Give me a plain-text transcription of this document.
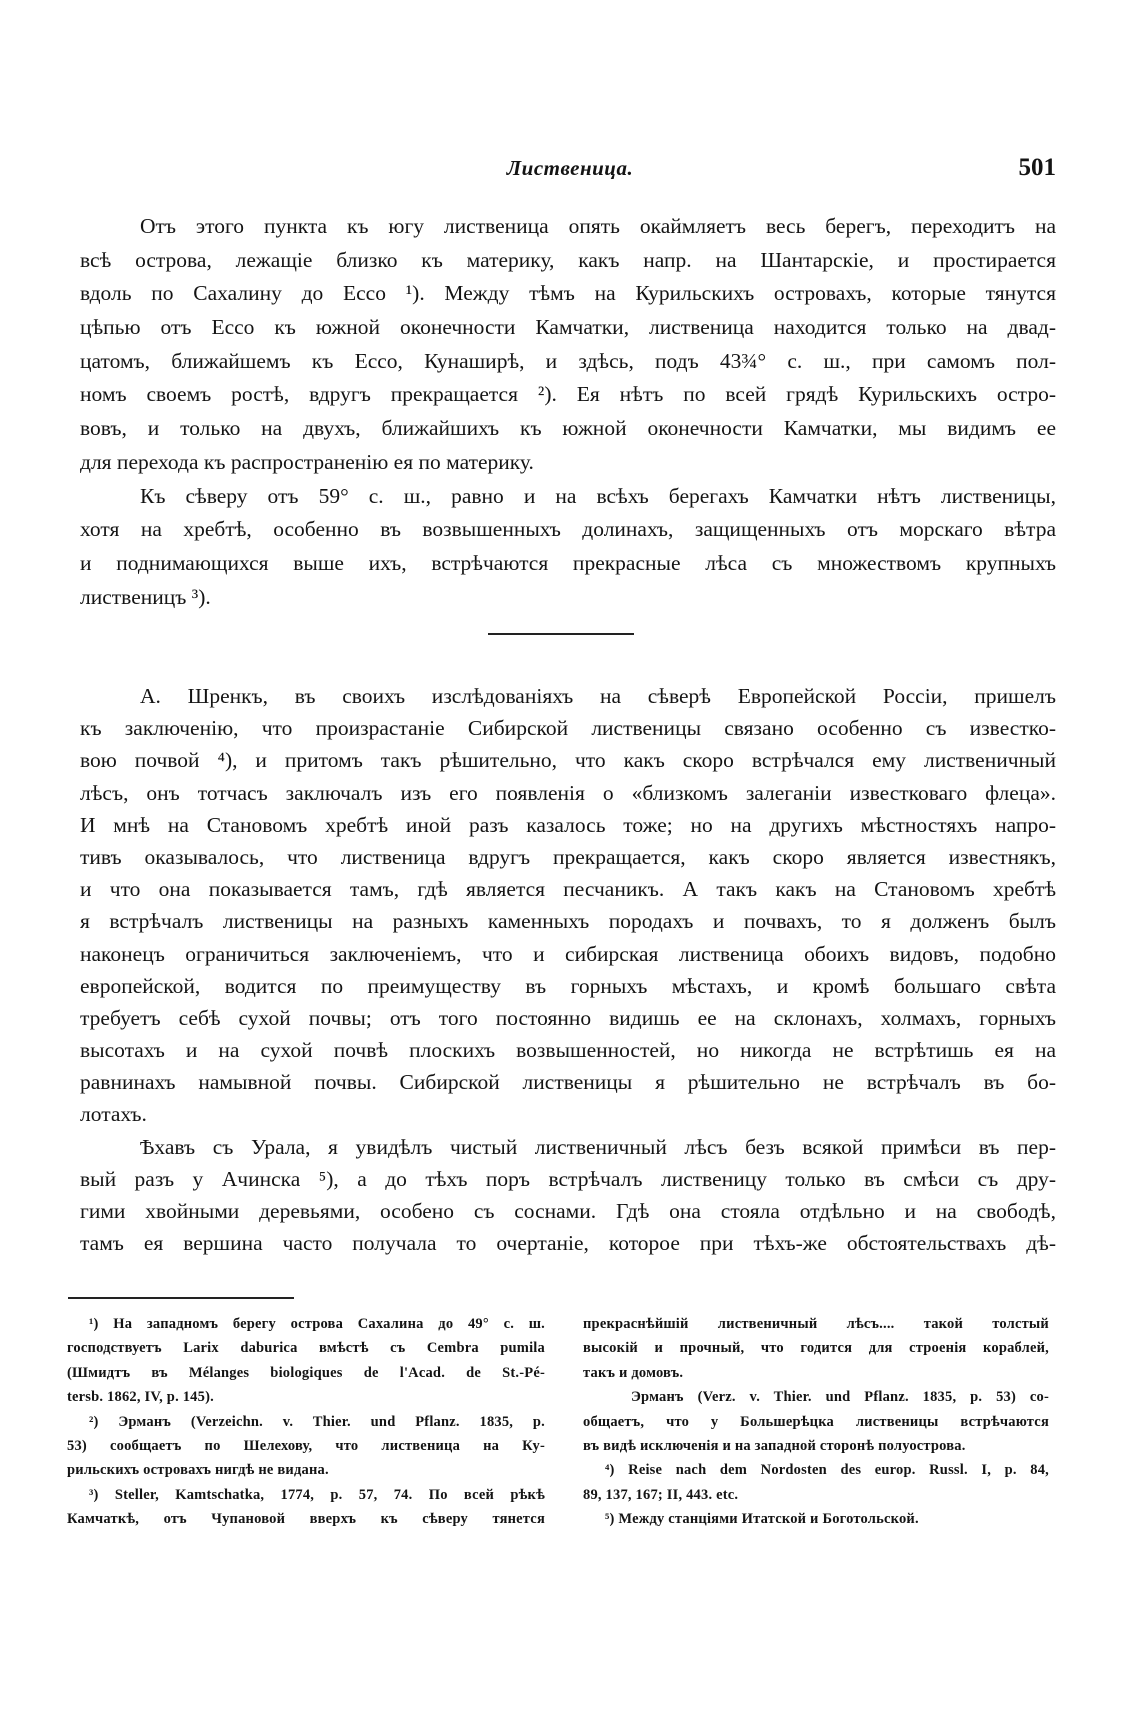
Лиственица.	501
Отъ этого пункта къ югу лиственица опять окаймляетъ весь берегъ, переходитъ на
всѣ острова, лежащіе близко къ материку, какъ напр. на Шантарскіе, и простирается
вдоль по Сахалину до Ессо ¹). Между тѣмъ на Курильскихъ островахъ, которые тянутся
цѣпью отъ Ессо къ южной оконечности Камчатки, лиственица находится только на двад-
цатомъ, ближайшемъ къ Ессо, Кунаширѣ, и здѣсь, подъ 43¾° с. ш., при самомъ пол-
номъ своемъ ростѣ, вдругъ прекращается ²). Ея нѣтъ по всей грядѣ Курильскихъ остро-
вовъ, и только на двухъ, ближайшихъ къ южной оконечности Камчатки, мы видимъ ее
для перехода къ распространенію ея по материку.
Къ сѣверу отъ 59° с. ш., равно и на всѣхъ берегахъ Камчатки нѣтъ лиственицы,
хотя на хребтѣ, особенно въ возвышенныхъ долинахъ, защищенныхъ отъ морскаго вѣтра
и поднимающихся выше ихъ, встрѣчаются прекрасные лѣса съ множествомъ крупныхъ
лиственицъ ³).
А. Шренкъ, въ своихъ изслѣдованіяхъ на сѣверѣ Европейской Россіи, пришелъ
къ заключенію, что произрастаніе Сибирской лиственицы связано особенно съ известко-
вою почвой ⁴), и притомъ такъ рѣшительно, что какъ скоро встрѣчался ему лиственичный
лѣсъ, онъ тотчасъ заключалъ изъ его появленія о «близкомъ залеганіи известковаго флеца».
И мнѣ на Становомъ хребтѣ иной разъ казалось тоже; но на другихъ мѣстностяхъ напро-
тивъ оказывалось, что лиственица вдругъ прекращается, какъ скоро является известнякъ,
и что она показывается тамъ, гдѣ является песчаникъ. А такъ какъ на Становомъ хребтѣ
я встрѣчалъ лиственицы на разныхъ каменныхъ породахъ и почвахъ, то я долженъ былъ
наконецъ ограничиться заключеніемъ, что и сибирская лиственица обоихъ видовъ, подобно
европейской, водится по преимуществу въ горныхъ мѣстахъ, и кромѣ большаго свѣта
требуетъ себѣ сухой почвы; отъ того постоянно видишь ее на склонахъ, холмахъ, горныхъ
высотахъ и на сухой почвѣ плоскихъ возвышенностей, но никогда не встрѣтишь ея на
равнинахъ намывной почвы. Сибирской лиственицы я рѣшительно не встрѣчалъ въ бо-
лотахъ.
Ѣхавъ съ Урала, я увидѣлъ чистый лиственичный лѣсъ безъ всякой примѣси въ пер-
вый разъ у Ачинска ⁵), а до тѣхъ поръ встрѣчалъ лиственицу только въ смѣси съ дру-
гими хвойными деревьями, особено съ соснами. Гдѣ она стояла отдѣльно и на свободѣ,
тамъ ея вершина часто получала то очертаніе, которое при тѣхъ-же обстоятельствахъ дѣ-
¹) На западномъ берегу острова Сахалина до 49° с. ш.
господствуетъ Larix daburica вмѣстѣ съ Cembra pumila
(Шмидтъ въ Mélanges biologiques de l'Acad. de St.-Pé-
tersb. 1862, IV, p. 145).
²) Эрманъ (Verzeichn. v. Thier. und Pflanz. 1835, p.
53) сообщаетъ по Шелехову, что лиственица на Ку-
рильскихъ островахъ нигдѣ не видана.
³) Steller, Kamtschatka, 1774, p. 57, 74. По всей рѣкѣ
Камчаткѣ, отъ Чупановой вверхъ къ сѣверу тянется
прекраснѣйшій лиственичный лѣсъ.... такой толстый
высокій и прочный, что годится для строенія кораблей,
такъ и домовъ.
Эрманъ (Verz. v. Thier. und Pflanz. 1835, p. 53) со-
общаетъ, что у Большерѣцка лиственицы встрѣчаются
въ видѣ исключенія и на западной сторонѣ полуострова.
⁴) Reise nach dem Nordosten des europ. Russl. I, p. 84,
89, 137, 167; II, 443. etc.
⁵) Между станціями Итатской и Боготольской.
